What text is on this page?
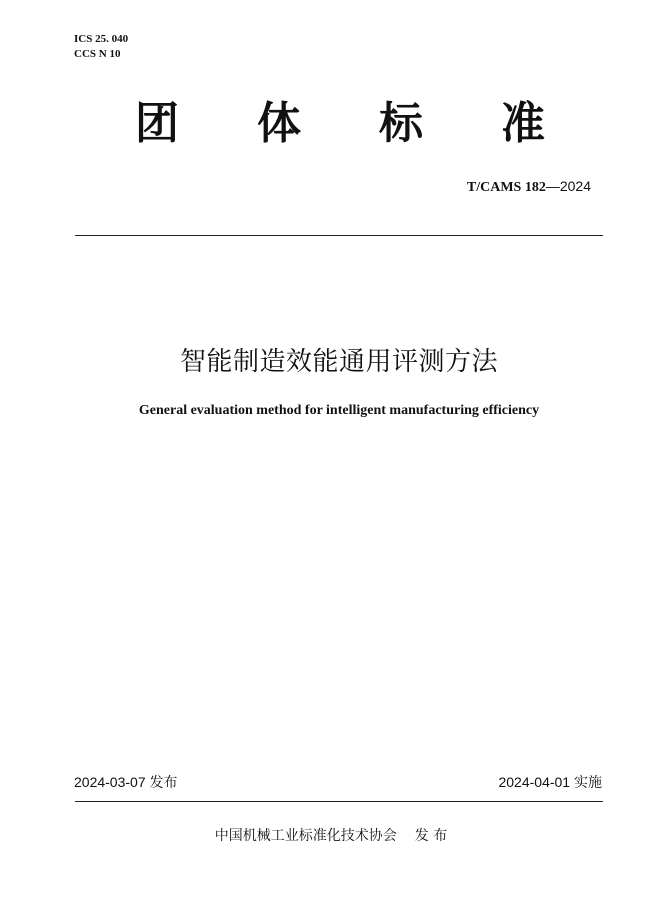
ICS 25. 040
CCS N 10
团 体 标 准
T/CAMS 182—2024
智能制造效能通用评测方法
General evaluation method for intelligent manufacturing efficiency
2024-03-07 发布	2024-04-01 实施
中国机械工业标准化技术协会 发 布
